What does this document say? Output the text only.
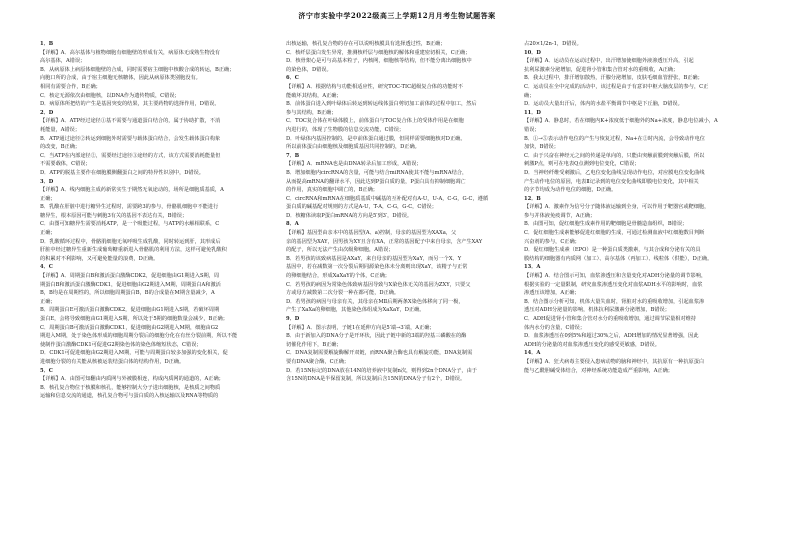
济宁市实验中学2022级高三上学期12月月考生物试题答案
1．B
【详解】A．高尔基体与植物细胞有细胞壁的形成有关，病原体无成熟生物没有
高尔基体，A错误；
B．从病原体上病原体细胞壁的合成，同时需要宿主细胞中核酸合成的转运，B正确；
向胞口所的合成，由于宿主细胞无核糖体，因此从病原体类别胞没有。
相同有需要合作，B正确；
C．核定无源依次由细胞核，以DNA作为遗传物质，C错误；
D．病原体所把结的产生是基因突变的结果，其主要药物的选择作用，D错误。
2．D
【详解】A．ATP经过途径①基不需要与通道蛋白结合的，属于协助扩散，不消
耗能量，A错误；
B．ATP通过途径②转运到细胞外时需要与载体蛋白结合，会发生载体蛋白构象
的改变，B正确；
C．当ATP在内部途径②，需要经过途径③途经的方式，该方式需要消耗能量但
不需要载体，C错误；
D．ATP的脱基主要作在细胞膜侧翻蛋白之间的特异性识别中，D错误。
3．D
【详解】A．线内细胞主成药新常实生于期然无氧途动的，场所是细胞质基质，A
正确；
B．乳酸在肝脏中进行糖异生过程时，需要跨3的参与，骨骼肌细胞中不能进行
糖异生，根本原因可能与刺胞3有关的基因不表达有关，B错误；
C．由图可知糖异生需要消耗ATP，是一个吸能过程，与ATP的水解相联系，C
正确；
D．乳酸循环过程中，骨骼肌细胞无氧呼吸生成乳酸，同时转运到肝，其形成后
肝脏中经过糖异生重新生成葡萄糖重新进入骨骼肌的利用方法，这样可避免乳酸积
的积累对不利影响，又可避免能量的浪费，D正确。
4．C
【详解】A．周期蛋白B和激活蛋白激酶CDK2，促进细胞由G1期进入S期，周
期蛋白B和激活蛋白激酶CDK1，促进细胞由G2期进入M期，周期蛋白A和激活
B，B均是在周期性的，所以细胞周期蛋白B，B的合成量在M期含量减少，A
正确；
B．周期蛋白E可激活蛋白激酶CDK2，促进细胞由G1期进入S期，若破坏周期
蛋白E，会将导致细胞由G1期进入S期，所以处于5期的细胞数量会减少，B正确；
C．周期蛋白B可激活蛋白激酶CDK1，促进细胞由G2期进入M期，细胞由G2
期进入M期，处于染色体形成的细胞周期分裂后的细胞分化在有丝分裂前期，所以不能
使制作蛋白激酶CDK1可促进G2期染色体的染色体缩短状态，C错误；
D．CDK1可促进细胞由G2期进入M期，可能与周期蛋白较多加强的变化相关，促
进细胞分裂的有关能从核被运装结蛋白体的结构作用，D正确。
5．C
【详解】A．由图可知翻由内质网与外被膜相连，构成内质网的通道的，A正确；
B．核孔复合物位于核膜和核孔，能够控制大分子进出细胞核，是核质之间物质
运输和信息交流的通道，核孔复合物可与蛋白质的入核运输以及RNA等物质的
出核运输，核孔复合物的存在可以说明核膜具有选择透过性，B正确；
C．核纤层蛋白发生异常，推测核纤层与细胞核的解体和重建密切相关，C正确；
D．核骨架心是可与高基本粒子，内核网，细胞核等结构，但不能分离出细胞核中
的染色体，D错误。
6．C
【详解】A．根据结构与功能相适应性，研究TOC-TIC超级复合体的功能时不
能破坏其结构，A正确；
B．前体蛋白进入到叶绿体后转运到转运线体蛋白剪切加工前体的过程中加工，然后
参与其结构，B正确；
C．TOC复合体在叶绿体膜上，前体蛋白与TOC复合体上的受体作用是在细胞
内进行的，体现了生物膜的信息交流功能，C错误；
D．叶绿体内基因控制的，是中前体蛋白通过膜，但同样需要细胞核对D正确。
所以前体蛋白由细胞核及细胞质基因共同控制的，D正确。
7．B
【详解】A．mRNA也是由DNA转录后加工形成，A错误；
B．增加细胞内circRNA的含量，可能与结合miRNA使其不能与mRNA结合，
从而提高mRNA的翻译水平，因此达到P蛋白质的量，P蛋白具有抑制细胞凋亡
的作用，真实的细胞中调亡的，B正确；
C．circRNA和mRNA在细胞质基质中碱基的互补配对有A-U，U-A，C-G，G-C，遵循
蛋白质的碱基配对规则的方式是A-U，T-A，C-G，G-C，C错误；
D．核糖体读取P蛋白mRNA的方向是5′到3′，D错误。
8．A
【详解】基因型由亲本中的基因型(A、a)控制，母亲的基因型为XAXa，父
亲的基因型为XAY，因男孩为XY且含有XA，正常的基因配子中来自母亲，含产生XAY
的配子，所以无法产生由次级卵细胞，A错误；
B．若男孩的该致病基因是AXaY，来自母亲的基因型为XaY，而另一个X、Y
基因中，若在减数第一次分裂后期同源染色体未分离则出现XaY，该精子与正常
的卵细胞结合，形成XaXaY的个体，C正确；
C．若男孩的病因为常染色体致病基因导致与X染色体无关的基因为ZXY，只要父
方或母方减数第二次分裂一种在都可能，D正确。
D．若男孩的病因与母亲有关，其母亲在MⅡ后期两条X染色体移向了同一极，
产生了XaXa的卵细胞，其他染色体组成为XaXaY，D正确。
9．D
【详解】A．图示表明，子链1在延伸方向是5′端→3′端，A正确；
B．由于新加入的DNA分子是开环状，因此子链中新的3端的羟基三磷酸在的酶
切催化作用下，B正确；
C．DNA复制需要解旋酶解开双链，而RNA聚合酶也具有解旋功能，DNA复制需
要有DNA聚合酶，C正确；
D．若15N标记的DNA放在14N的培养液中复制n次，则得到2n个DNA分子，由于
含15N的DNA是半保留复制，所以复制后含15N的DNA分子有2个，D错误。
占20×1/2n-1，D错误。
10．D
【详解】A．运动员在运动过程中，出汗增加使细胞外液渗透压升高，引起
抗利尿激素分泌增加，促进肾小管和集合管对水的重吸收，A正确；
B．我太过程中，排汗增加散热，汗腺分泌增加，皮肤毛细血管舒张，B正确；
C．运动员在全中完成的活动中，该过程是由于有意识中枢大脑皮层的参与，C正
确；
D．运动员大量出汗后，体内的水盐平衡调节中枢是下丘脑，D错误。
11．D
【详解】A．静息时，若在细胞内K+浓度低于细胞外的Na+浓度，静息电位减小，A
错误；
B．①→⑤表示动作电位的产生与恢复过程，Na+在②时内流，会导致动作电位
加快，B错误；
C．由于兴奋在神经元之间的传递是单向的，只能由突触前膜到突触后膜，所以
刺激P点，则可在电表Q点测到电位变化，C错误；
D．当神经纤维受刺激后，乙电位变化曲线呈现动作电位，对应膜电位变化曲线
产生动作电位的原因，电表Ⅱ记录到的电位变化曲线即膜电位变化，其中相关
的字节均成为动作电位的细胞，D正确。
12．B
【详解】A．激素作为信号分子随体液运输到全身，可以作用于靶器官或靶细胞，
参与并体液免疫调节，A正确；
B．由图可知，促红细胞生成素作用的靶细胞是骨髓造血组织，B错误；
C．促红细胞生成素能够促进红细胞的生成，可通过检测血液中红细胞数目判断
兴奋剂的参与，C正确；
D．促红细胞生成素（EPO）是一种蛋白质类激素，与其合成和分泌有关的具
膜结构的细胞器有内质网（加工）、高尔基体（再加工）、线粒体（供能），D正确。
13．A
【详解】A．结合图示可知，血浆渗透压和含量变化对ADH分泌量的调节影响，
根据实验的一定量限制，研究血浆渗透压变化对血浆ADH水平的影响时，血浆
渗透压该增加，A正确；
B．结合图示分析可知，机体大量失血时，肾脏对水的重吸收增加，引起血浆渗
透压对ADH分泌量的影响，机体抗利尿激素分泌增加，B错误；
C．ADH促进肾小管和集合管对水分的重吸收增加，通过调节尿量相对维持
体内水分的含量，C错误；
D．血浆渗透压在0到5%和超过30%之后，ADH增加的情况显著增强，因此
ADH的分泌量的对血浆渗透压变化的感受更敏感，D错误。
14．A
【详解】A．狂犬病毒主要侵入患病动物的脑和神经中，其抗原有一种抗原蛋白
能与乙酰胆碱受体结合，对神经系统功能造成严重影响，A正确；
